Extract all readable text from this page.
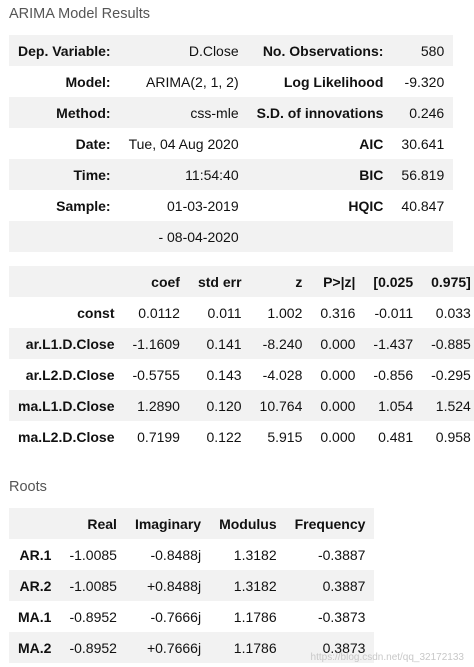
ARIMA Model Results
Dep. Variable:	D.Close	No. Observations:	580
Model:	ARIMA(2, 1, 2)	Log Likelihood	-9.320
Method:	css-mle	S.D. of innovations	0.246
Date:	Tue, 04 Aug 2020	AIC	30.641
Time:	11:54:40	BIC	56.819
Sample:	01-03-2019	HQIC	40.847
	- 08-04-2020		
	coef	std err	z	P>|z|	[0.025	0.975]
const	0.0112	0.011	1.002	0.316	-0.011	0.033
ar.L1.D.Close	-1.1609	0.141	-8.240	0.000	-1.437	-0.885
ar.L2.D.Close	-0.5755	0.143	-4.028	0.000	-0.856	-0.295
ma.L1.D.Close	1.2890	0.120	10.764	0.000	1.054	1.524
ma.L2.D.Close	0.7199	0.122	5.915	0.000	0.481	0.958
Roots
	Real	Imaginary	Modulus	Frequency
AR.1	-1.0085	-0.8488j	1.3182	-0.3887
AR.2	-1.0085	+0.8488j	1.3182	0.3887
MA.1	-0.8952	-0.7666j	1.1786	-0.3873
MA.2	-0.8952	+0.7666j	1.1786	0.3873
https://blog.csdn.net/qq_32172133
